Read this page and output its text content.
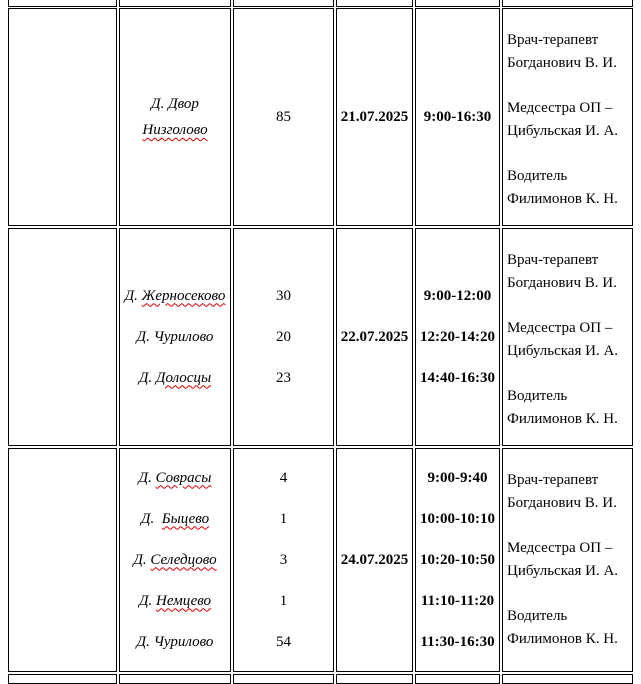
Д. Двор
Низголово
85	21.07.2025 9:00-16:30
Врач-терапевт
Богданович В. И.
Медсестра ОП –
Цибульская И. А.
Водитель
Филимонов К. Н.
Д. Жерносеково
Д. Чурилово
Д. Долосцы
30
20
23
22.07.2025
9:00-12:00
12:20-14:20
14:40-16:30
Врач-терапевт
Богданович В. И.
Медсестра ОП –
Цибульская И. А.
Водитель
Филимонов К. Н.
Д. Сoвpасы
Д. Быцево
Д. Селедцово
Д. Немцево
Д. Чурилово
4
1
3
1
54
24.07.2025
9:00-9:40
10:00-10:10
10:20-10:50
11:10-11:20
11:30-16:30
Врач-терапевт
Богданович В. И.
Медсестра ОП –
Цибульская И. А.
Водитель
Филимонов К. Н.
